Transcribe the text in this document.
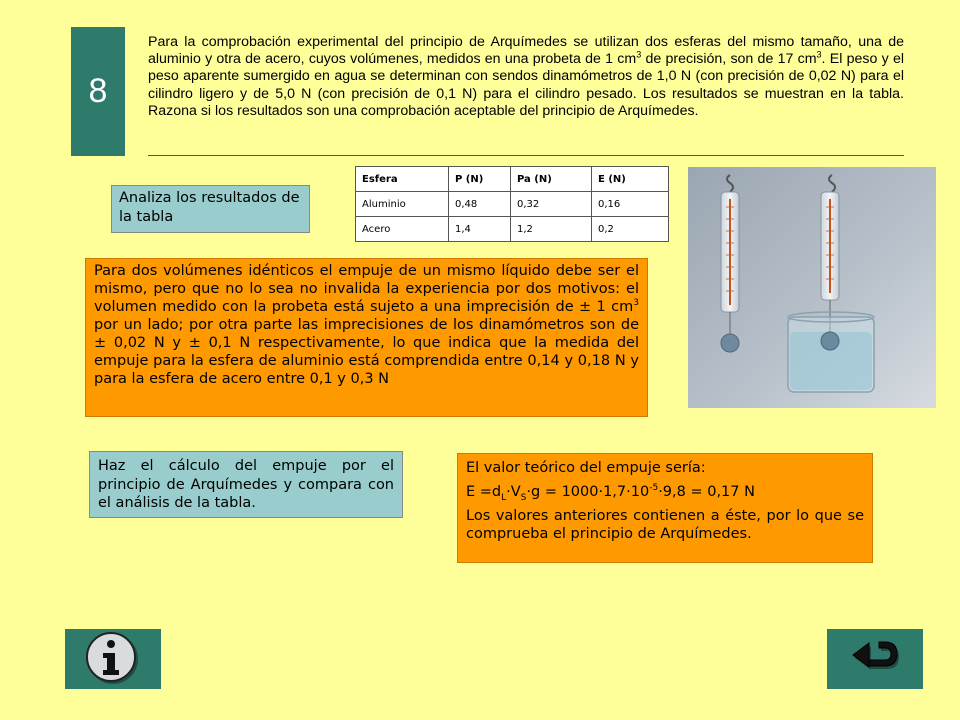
8
Para la comprobación experimental del principio de Arquímedes se utilizan dos esferas del mismo tamaño, una de aluminio y otra de acero, cuyos volúmenes, medidos en una probeta de 1 $cm^3$ de precisión, son de 17 $cm^3$. El peso y el peso aparente sumergido en agua se determinan con sendos dinamómetros de 1,0 N (con precisión de 0,02 N) para el cilindro ligero y de 5,0 N (con precisión de 0,1 N) para el cilindro pesado. Los resultados se muestran en la tabla. Razona si los resultados son una comprobación aceptable del principio de Arquímedes.
Analiza los resultados de la tabla
Esfera	P (N)	Pa (N)	E (N)
Aluminio	0,48	0,32	0,16
Acero	1,4	1,2	0,2
Para dos volúmenes idénticos el empuje de un mismo líquido debe ser el mismo, pero que no lo sea no invalida la experiencia por dos motivos: el volumen medido con la probeta está sujeto a una imprecisión de ± 1 $cm^3$ por un lado; por otra parte las imprecisiones de los dinamómetros son de ± 0,02 N y ± 0,1 N respectivamente, lo que indica que la medida del empuje para la esfera de aluminio está comprendida entre 0,14 y 0,18 N y para la esfera de acero entre 0,1 y 0,3 N
Haz el cálculo del empuje por el principio de Arquímedes y compara con el análisis de la tabla.

El valor teórico del empuje sería:

$E =d_L\cdot V_S\cdot g = 1000\cdot 1,7\cdot 10^{-5}\cdot 9,8 = 0,17$ N

Los valores anteriores contienen a éste, por lo que se comprueba el principio de Arquímedes.
